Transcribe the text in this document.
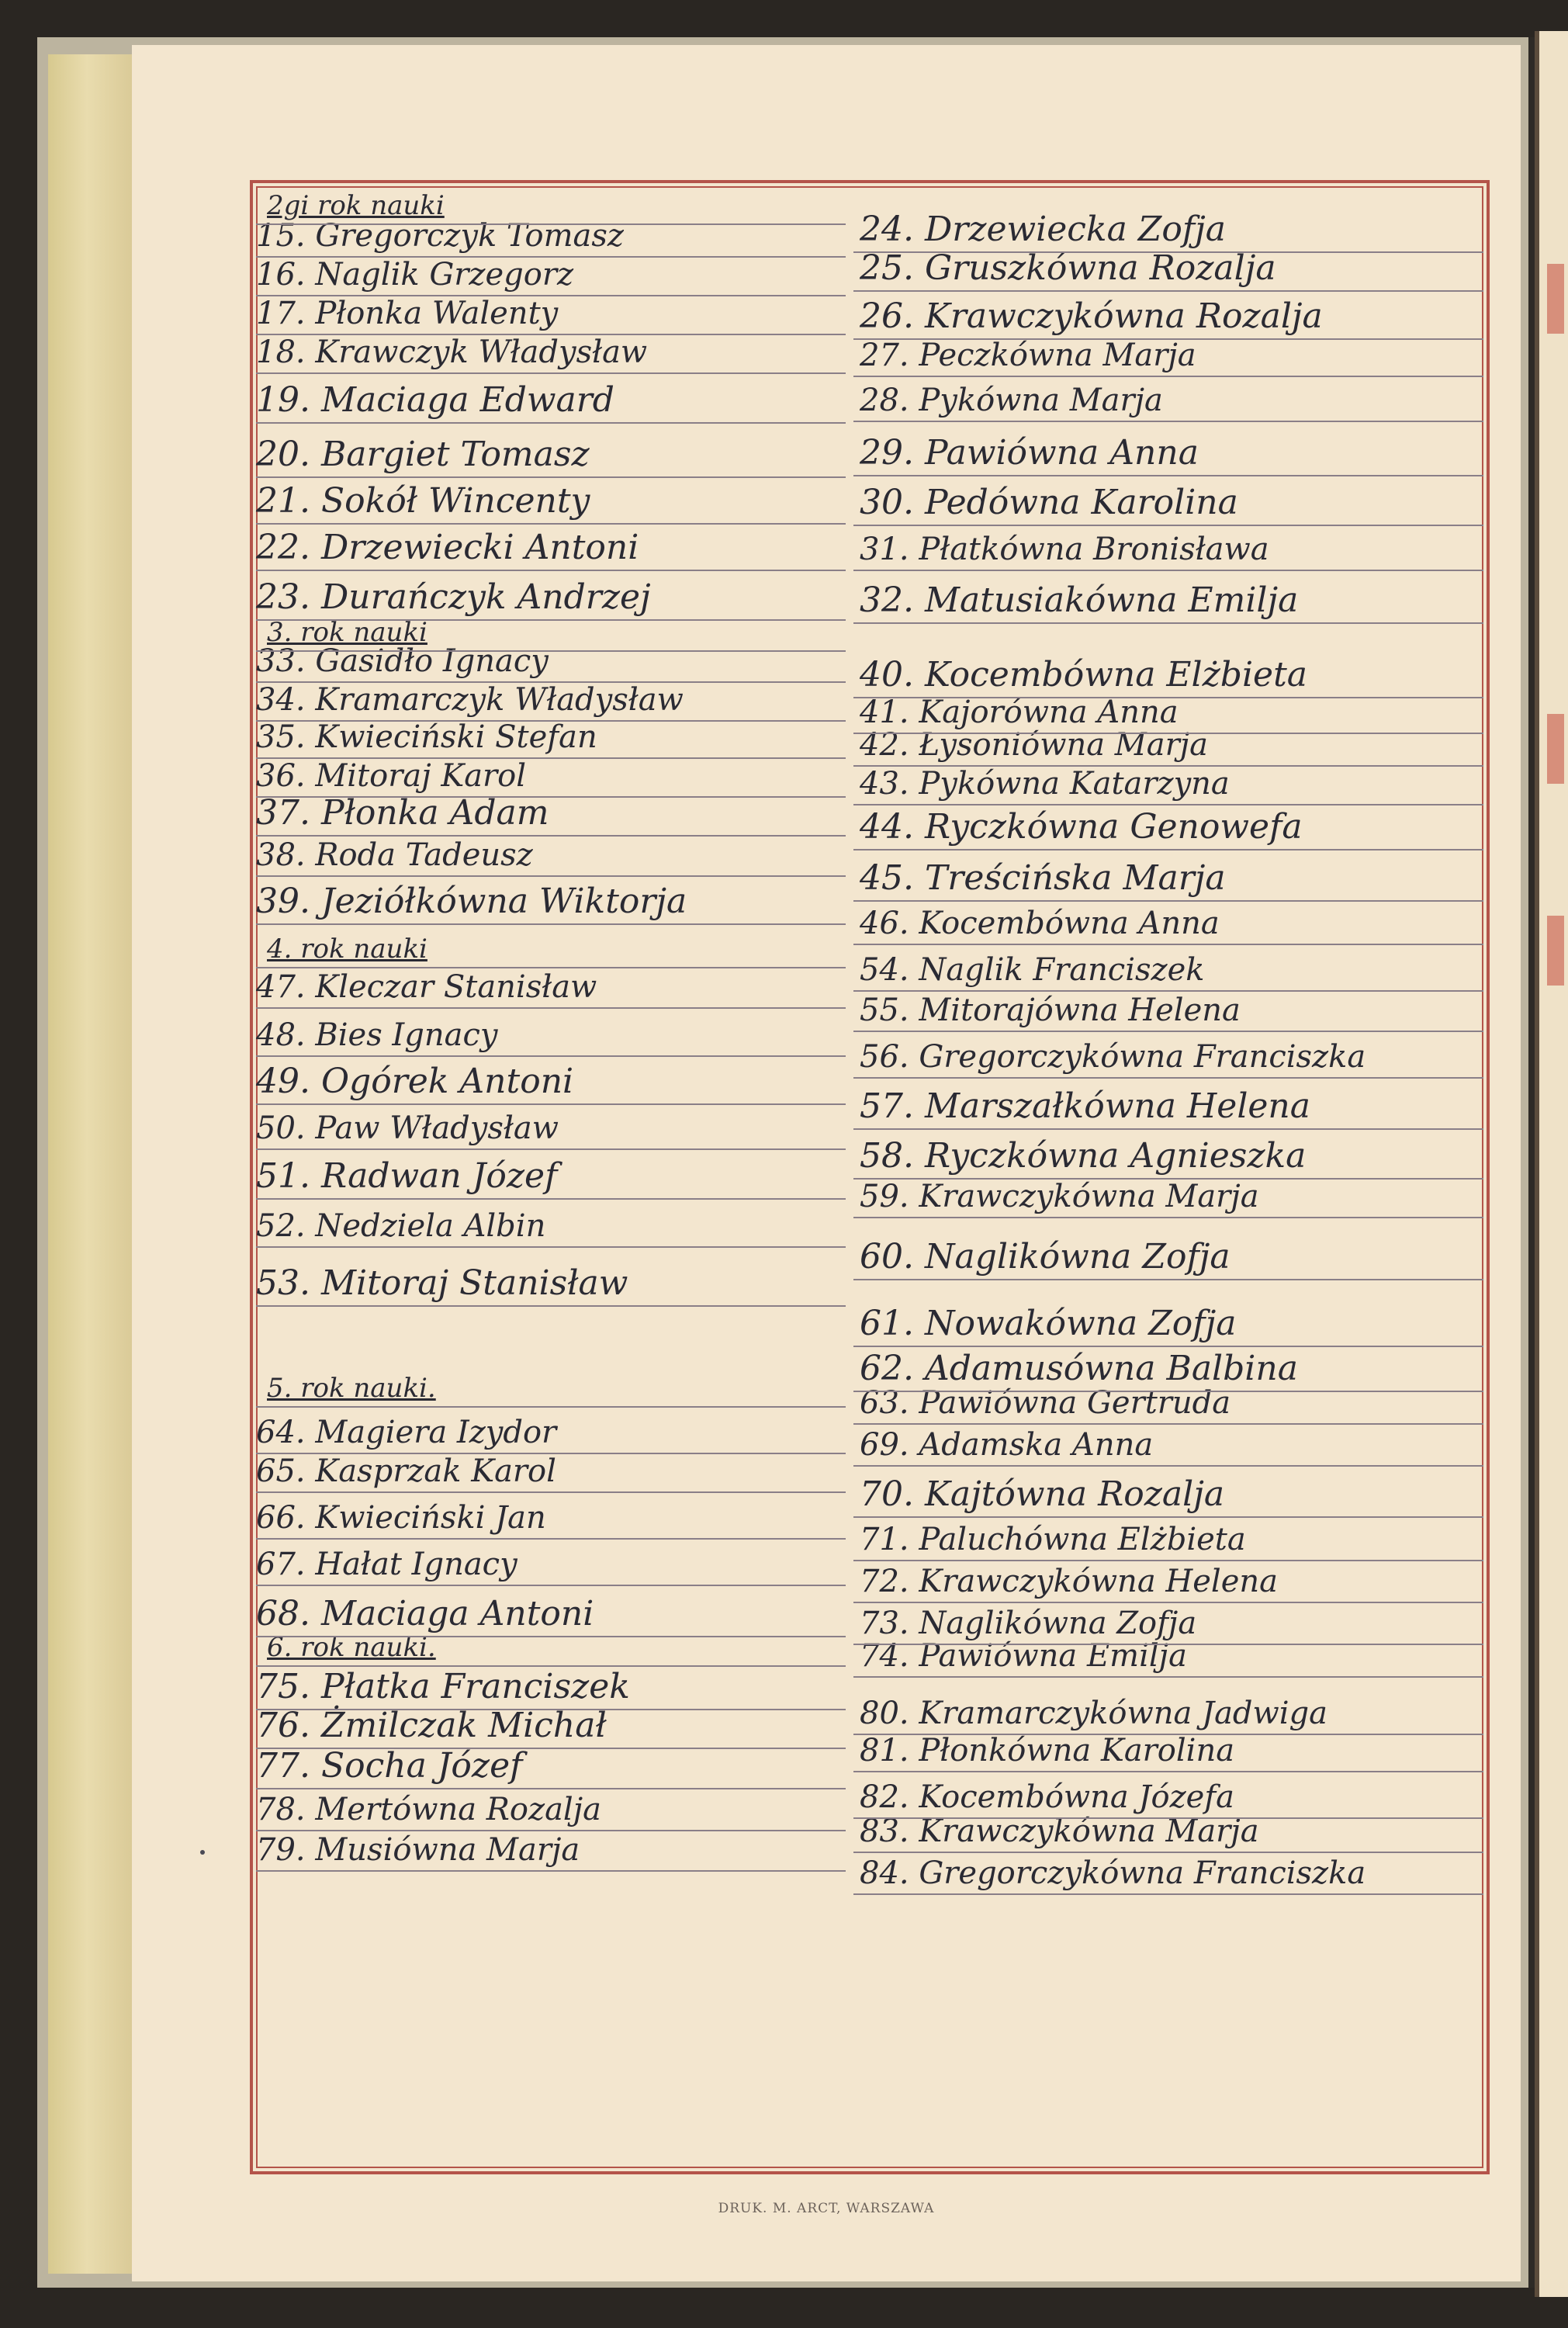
2gi rok nauki
15. Gregorczyk Tomasz
16. Naglik Grzegorz
17. Płonka Walenty
18. Krawczyk Władysław
19. Maciaga Edward
20. Bargiet Tomasz
21. Sokół Wincenty
22. Drzewiecki Antoni
23. Durańczyk Andrzej
3. rok nauki
33. Gasidło Ignacy
34. Kramarczyk Władysław
35. Kwieciński Stefan
36. Mitoraj Karol
37. Płonka Adam
38. Roda Tadeusz
39. Jeziółkówna Wiktorja
4. rok nauki
47. Kleczar Stanisław
48. Bies Ignacy
49. Ogórek Antoni
50. Paw Władysław
51. Radwan Józef
52. Nedziela Albin
53. Mitoraj Stanisław
5. rok nauki.
64. Magiera Izydor
65. Kasprzak Karol
66. Kwieciński Jan
67. Hałat Ignacy
68. Maciaga Antoni
6. rok nauki.
75. Płatka Franciszek
76. Żmilczak Michał
77. Socha Józef
78. Mertówna Rozalja
79. Musiówna Marja
24. Drzewiecka Zofja
25. Gruszkówna Rozalja
26. Krawczykówna Rozalja
27. Peczkówna Marja
28. Pykówna Marja
29. Pawiówna Anna
30. Pedówna Karolina
31. Płatkówna Bronisława
32. Matusiakówna Emilja
40. Kocembówna Elżbieta
41. Kajorówna Anna
42. Łysoniówna Marja
43. Pykówna Katarzyna
44. Ryczkówna Genowefa
45. Treścińska Marja
46. Kocembówna Anna
54. Naglik Franciszek
55. Mitorajówna Helena
56. Gregorczykówna Franciszka
57. Marszałkówna Helena
58. Ryczkówna Agnieszka
59. Krawczykówna Marja
60. Naglikówna Zofja
61. Nowakówna Zofja
62. Adamusówna Balbina
63. Pawiówna Gertruda
69. Adamska Anna
70. Kajtówna Rozalja
71. Paluchówna Elżbieta
72. Krawczykówna Helena
73. Naglikówna Zofja
74. Pawiówna Emilja
80. Kramarczykówna Jadwiga
81. Płonkówna Karolina
82. Kocembówna Józefa
83. Krawczykówna Marja
84. Gregorczykówna Franciszka
DRUK. M. ARCT, WARSZAWA
